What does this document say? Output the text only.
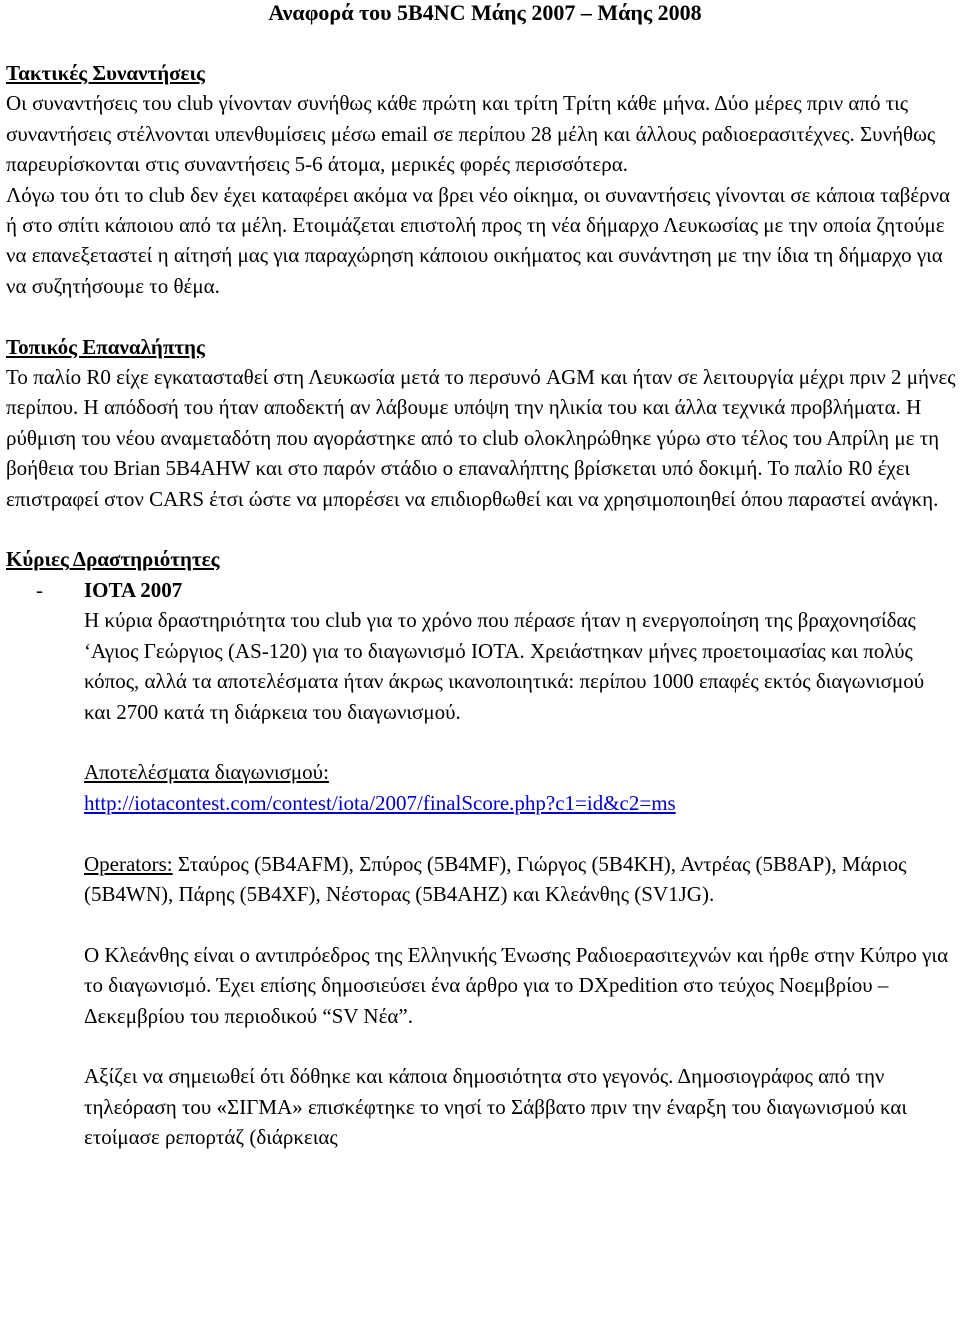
Αναφορά του 5B4NC Μάης 2007 – Μάης 2008
Τακτικές Συναντήσεις

Οι συναντήσεις του club γίνονταν συνήθως κάθε πρώτη και τρίτη Τρίτη κάθε μήνα. Δύο μέρες πριν από τις συναντήσεις στέλνονται υπενθυμίσεις μέσω email σε περίπου 28 μέλη και άλλους ραδιοερασιτέχνες. Συνήθως παρευρίσκονται στις συναντήσεις 5-6 άτομα, μερικές φορές περισσότερα.

Λόγω του ότι το club δεν έχει καταφέρει ακόμα να βρει νέο οίκημα, οι συναντήσεις γίνονται σε κάποια ταβέρνα ή στο σπίτι κάποιου από τα μέλη. Ετοιμάζεται επιστολή προς τη νέα δήμαρχο Λευκωσίας με την οποία ζητούμε να επανεξεταστεί η αίτησή μας για παραχώρηση κάποιου οικήματος και συνάντηση με την ίδια τη δήμαρχο για να συζητήσουμε το θέμα.

Τοπικός Επαναλήπτης

Το παλίο R0 είχε εγκατασταθεί στη Λευκωσία μετά το περσυνό AGM και ήταν σε λειτουργία μέχρι πριν 2 μήνες περίπου. Η απόδοσή του ήταν αποδεκτή αν λάβουμε υπόψη την ηλικία του και άλλα τεχνικά προβλήματα. Η ρύθμιση του νέου αναμεταδότη που αγοράστηκε από το club ολοκληρώθηκε γύρω στο τέλος του Απρίλη με τη βοήθεια του Brian 5B4AHW και στο παρόν στάδιο ο επαναλήπτης βρίσκεται υπό δοκιμή. Το παλίο R0 έχει επιστραφεί στον CARS έτσι ώστε να μπορέσει να επιδιορθωθεί και να χρησιμοποιηθεί όπου παραστεί ανάγκη.

Κύριες Δραστηριότητες
- IOTA 2007

Η κύρια δραστηριότητα του club για το χρόνο που πέρασε ήταν η ενεργοποίηση της βραχονησίδας ‘Αγιος Γεώργιος (AS-120) για το διαγωνισμό IOTA. Χρειάστηκαν μήνες προετοιμασίας και πολύς κόπος, αλλά τα αποτελέσματα ήταν άκρως ικανοποιητικά: περίπου 1000 επαφές εκτός διαγωνισμού και 2700 κατά τη διάρκεια του διαγωνισμού.

Αποτελέσματα διαγωνισμού:
http://iotacontest.com/contest/iota/2007/finalScore.php?c1=id&c2=ms

Operators: Σταύρος (5B4AFM), Σπύρος (5B4MF), Γιώργος (5B4KH), Αντρέας (5B8AP), Μάριος (5B4WN), Πάρης (5B4XF), Νέστορας (5B4AHZ) και Κλεάνθης (SV1JG).

Ο Κλεάνθης είναι ο αντιπρόεδρος της Ελληνικής Ένωσης Ραδιοερασιτεχνών και ήρθε στην Κύπρο για το διαγωνισμό. Έχει επίσης δημοσιεύσει ένα άρθρο για το DXpedition στο τεύχος Νοεμβρίου – Δεκεμβρίου του περιοδικού “SV Νέα”.

Αξίζει να σημειωθεί ότι δόθηκε και κάποια δημοσιότητα στο γεγονός. Δημοσιογράφος από την τηλεόραση του «ΣΙΓΜΑ» επισκέφτηκε το νησί το Σάββατο πριν την έναρξη του διαγωνισμού και ετοίμασε ρεπορτάζ (διάρκειας
